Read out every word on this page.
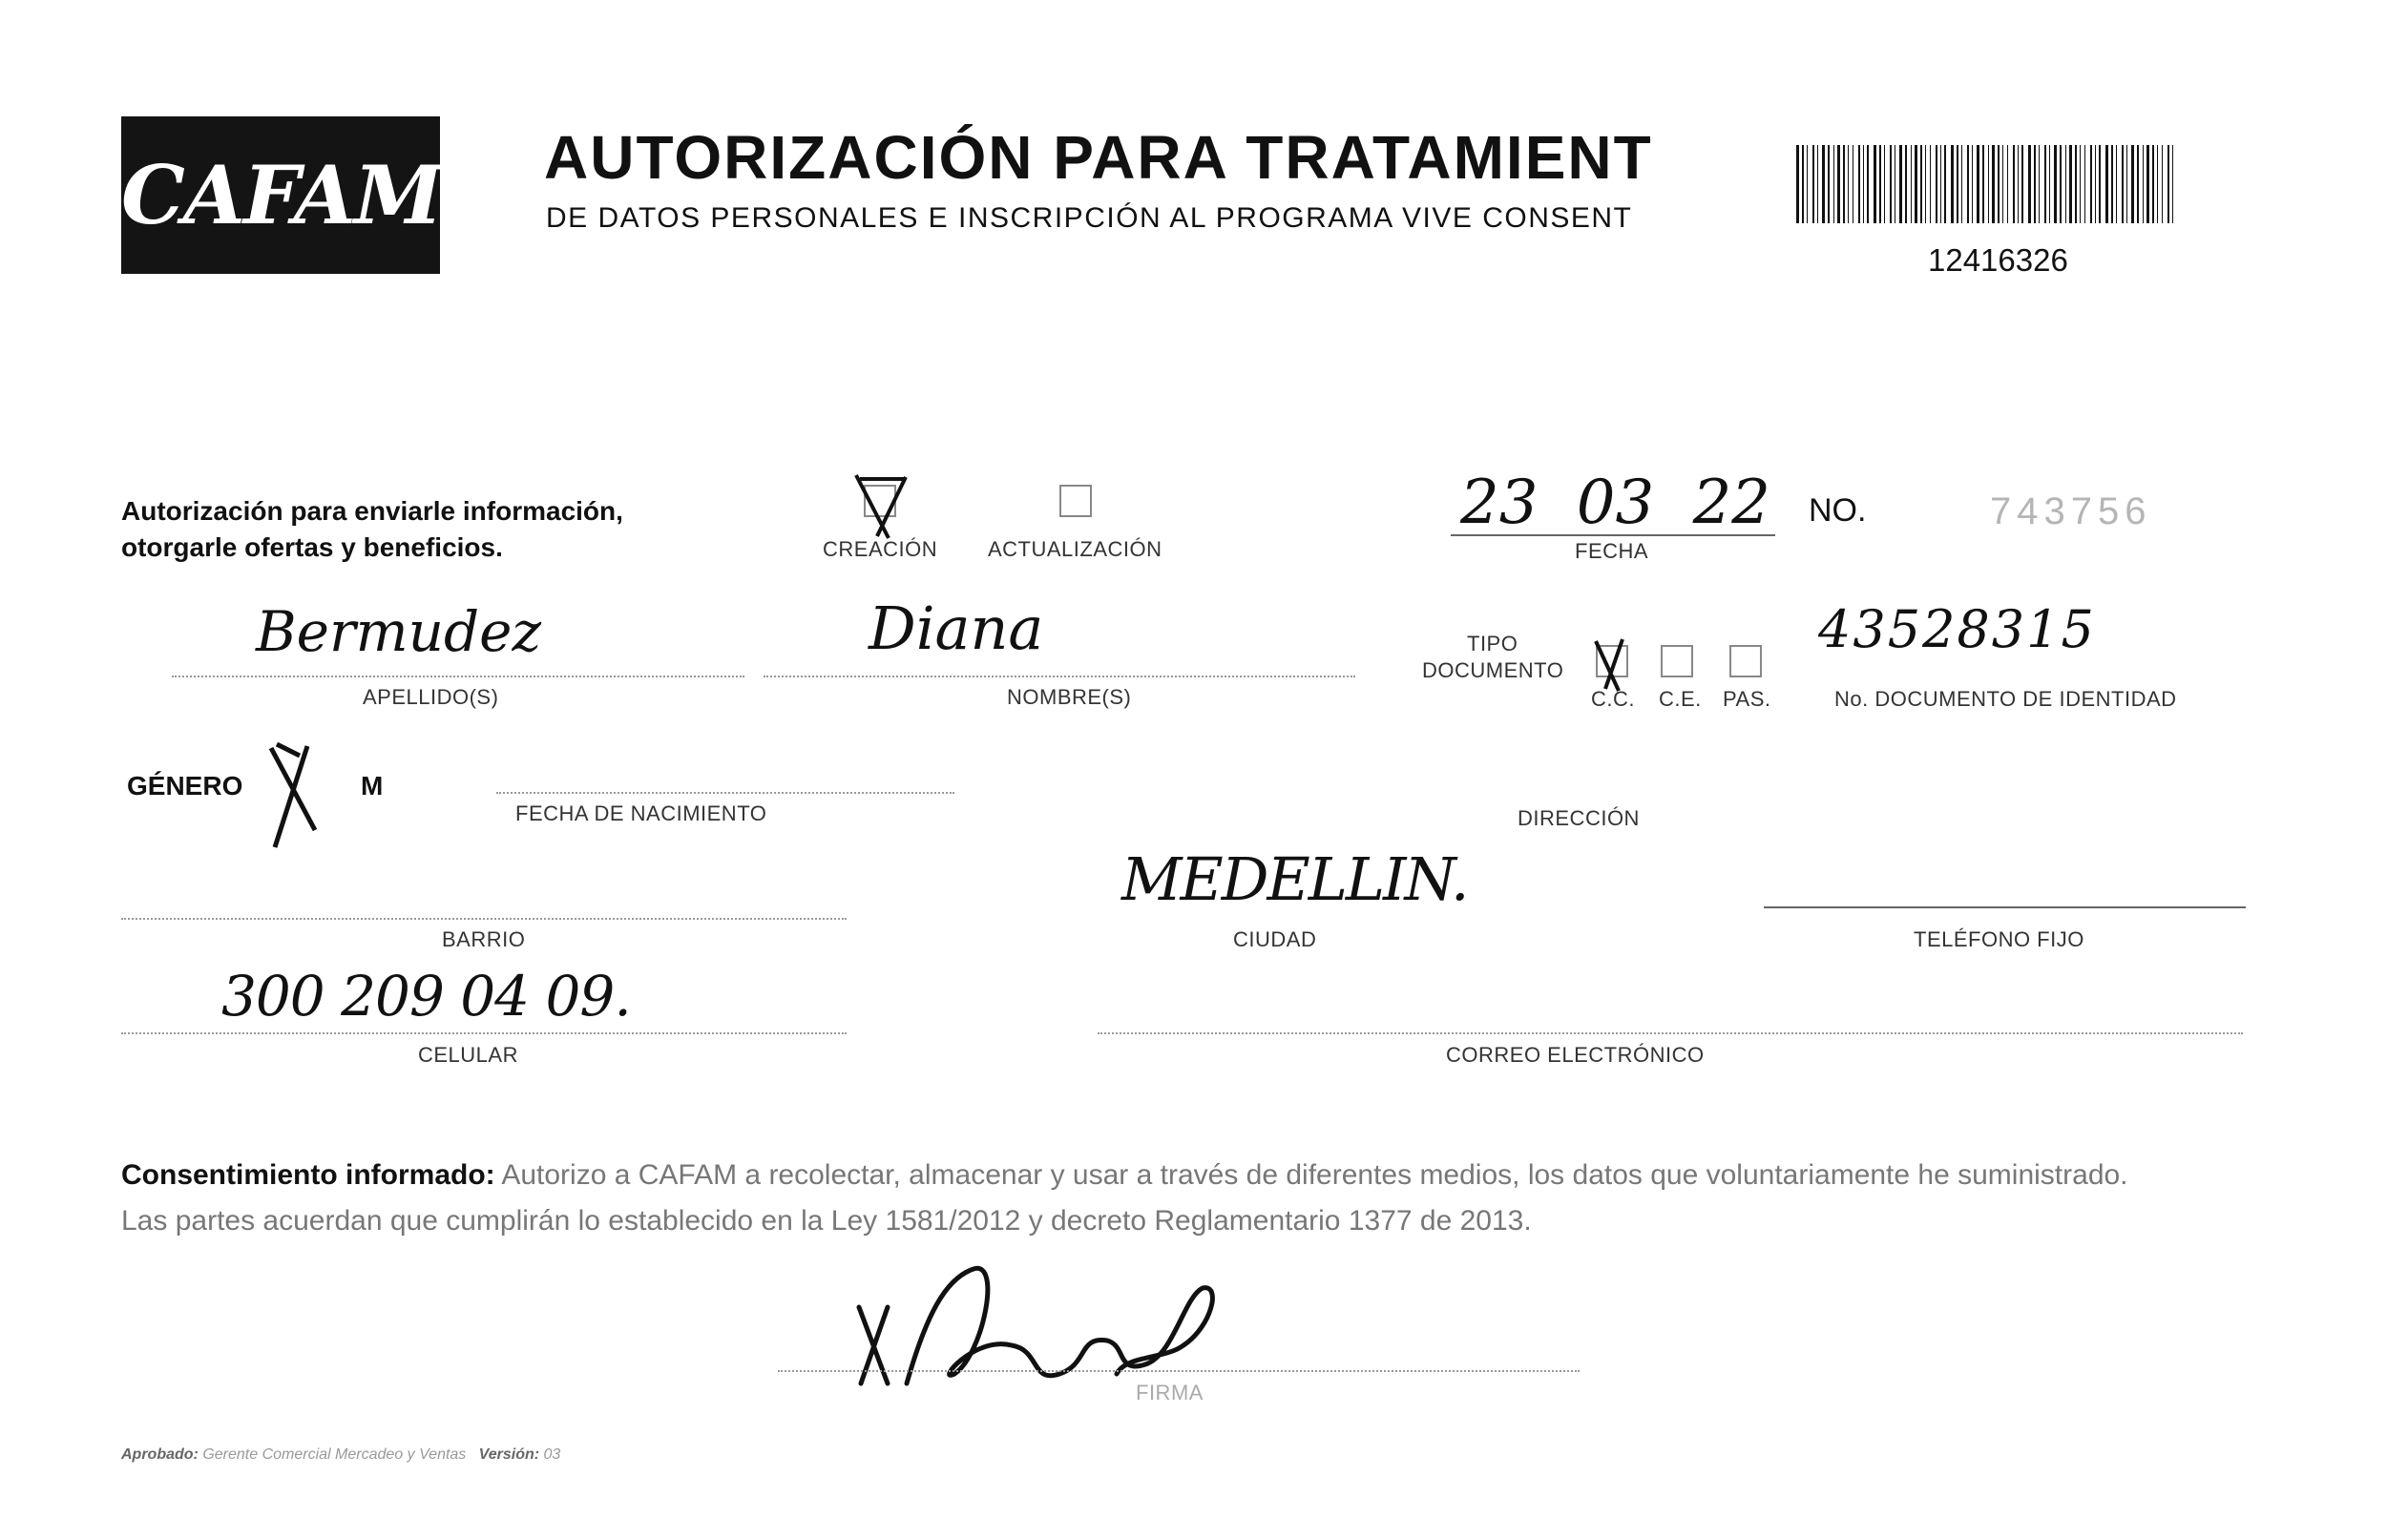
CAFAM AUTORIZACIÓN PARA TRATAMIENT
DE DATOS PERSONALES E INSCRIPCIÓN AL PROGRAMA VIVE CONSENT
12416326
Autorización para enviarle información,
otorgarle ofertas y beneficios.	CREACIÓN ACTUALIZACIÓN
23 03 22
FECHA
NO.	743756
Bermudez
APELLIDO(S)
Diana
NOMBRE(S)
TIPO
DOCUMENTO
C.C. C.E. PAS.
43528315
No. DOCUMENTO DE IDENTIDAD
GÉNERO	M
FECHA DE NACIMIENTO	DIRECCIÓN
BARRIO
MEDELLIN.
CIUDAD	TELÉFONO FIJO
300 209 04 09.
CELULAR	CORREO ELECTRÓNICO
Consentimiento informado: Autorizo a CAFAM a recolectar, almacenar y usar a través de diferentes medios, los datos que voluntariamente he suministrado.
Las partes acuerdan que cumplirán lo establecido en la Ley 1581/2012 y decreto Reglamentario 1377 de 2013.
FIRMA
Aprobado: Gerente Comercial Mercadeo y Ventas Versión: 03
